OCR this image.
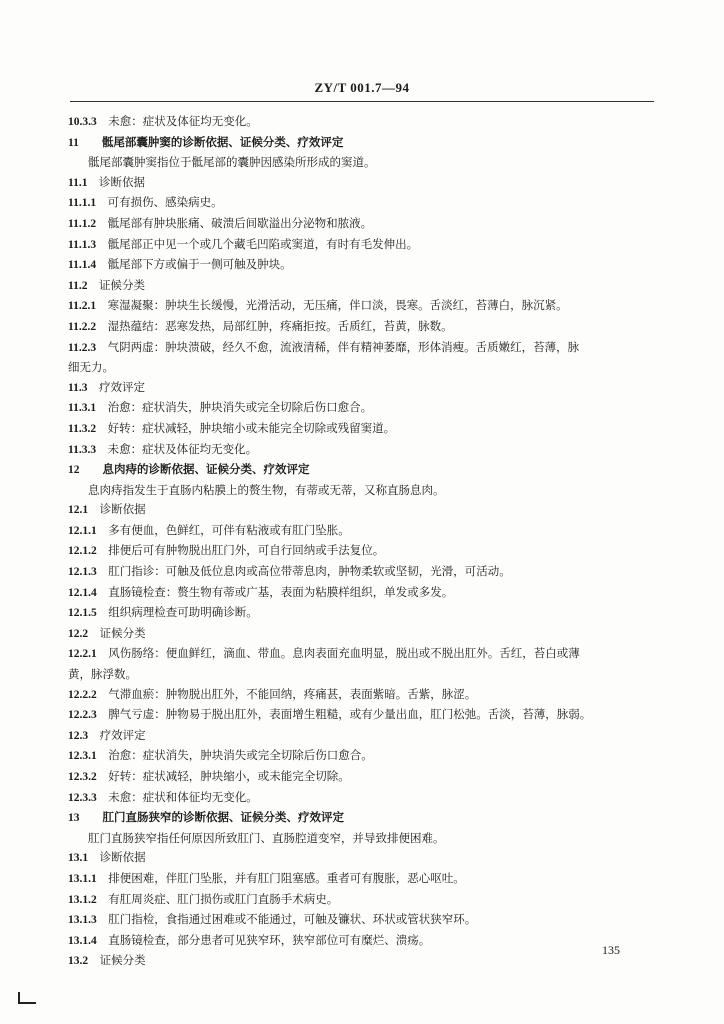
ZY/T 001.7—94
10.3.3  未愈：症状及体征均无变化。
11   骶尾部囊肿窦的诊断依据、证候分类、疗效评定
骶尾部囊肿窦指位于骶尾部的囊肿因感染所形成的窦道。
11.1  诊断依据
11.1.1  可有损伤、感染病史。
11.1.2  骶尾部有肿块胀痛、破溃后间歇溢出分泌物和脓液。
11.1.3  骶尾部正中见一个或几个藏毛凹陷或窦道，有时有毛发伸出。
11.1.4  骶尾部下方或偏于一侧可触及肿块。
11.2  证候分类
11.2.1  寒湿凝聚：肿块生长缓慢，光滑活动，无压痛，伴口淡，畏寒。舌淡红，苔薄白，脉沉紧。
11.2.2  湿热蕴结：恶寒发热，局部红肿，疼痛拒按。舌质红，苔黄，脉数。
11.2.3  气阴两虚：肿块溃破，经久不愈，流液清稀，伴有精神萎靡，形体消瘦。舌质嫩红，苔薄，脉
细无力。
11.3  疗效评定
11.3.1  治愈：症状消失，肿块消失或完全切除后伤口愈合。
11.3.2  好转：症状减轻，肿块缩小或未能完全切除或残留窦道。
11.3.3  未愈：症状及体征均无变化。
12   息肉痔的诊断依据、证候分类、疗效评定
息肉痔指发生于直肠内粘膜上的赘生物，有蒂或无蒂，又称直肠息肉。
12.1  诊断依据
12.1.1  多有便血，色鲜红，可伴有粘液或有肛门坠胀。
12.1.2  排便后可有肿物脱出肛门外，可自行回纳或手法复位。
12.1.3  肛门指诊：可触及低位息肉或高位带蒂息肉，肿物柔软或坚韧，光滑，可活动。
12.1.4  直肠镜检查：赘生物有蒂或广基，表面为粘膜样组织，单发或多发。
12.1.5  组织病理检查可助明确诊断。
12.2  证候分类
12.2.1  风伤肠络：便血鲜红，滴血、带血。息肉表面充血明显，脱出或不脱出肛外。舌红，苔白或薄
黄，脉浮数。
12.2.2  气滞血瘀：肿物脱出肛外，不能回纳，疼痛甚，表面紫暗。舌紫，脉涩。
12.2.3  脾气亏虚：肿物易于脱出肛外，表面增生粗糙，或有少量出血，肛门松弛。舌淡，苔薄，脉弱。
12.3  疗效评定
12.3.1  治愈：症状消失，肿块消失或完全切除后伤口愈合。
12.3.2  好转：症状减轻，肿块缩小，或未能完全切除。
12.3.3  未愈：症状和体征均无变化。
13   肛门直肠狭窄的诊断依据、证候分类、疗效评定
肛门直肠狭窄指任何原因所致肛门、直肠腔道变窄，并导致排便困难。
13.1  诊断依据
13.1.1  排便困难，伴肛门坠胀，并有肛门阻塞感。重者可有腹胀，恶心呕吐。
13.1.2  有肛周炎症、肛门损伤或肛门直肠手术病史。
13.1.3  肛门指检，食指通过困难或不能通过，可触及镰状、环状或管状狭窄环。
13.1.4  直肠镜检查，部分患者可见狭窄环，狭窄部位可有糜烂、溃疡。
13.2  证候分类
135
